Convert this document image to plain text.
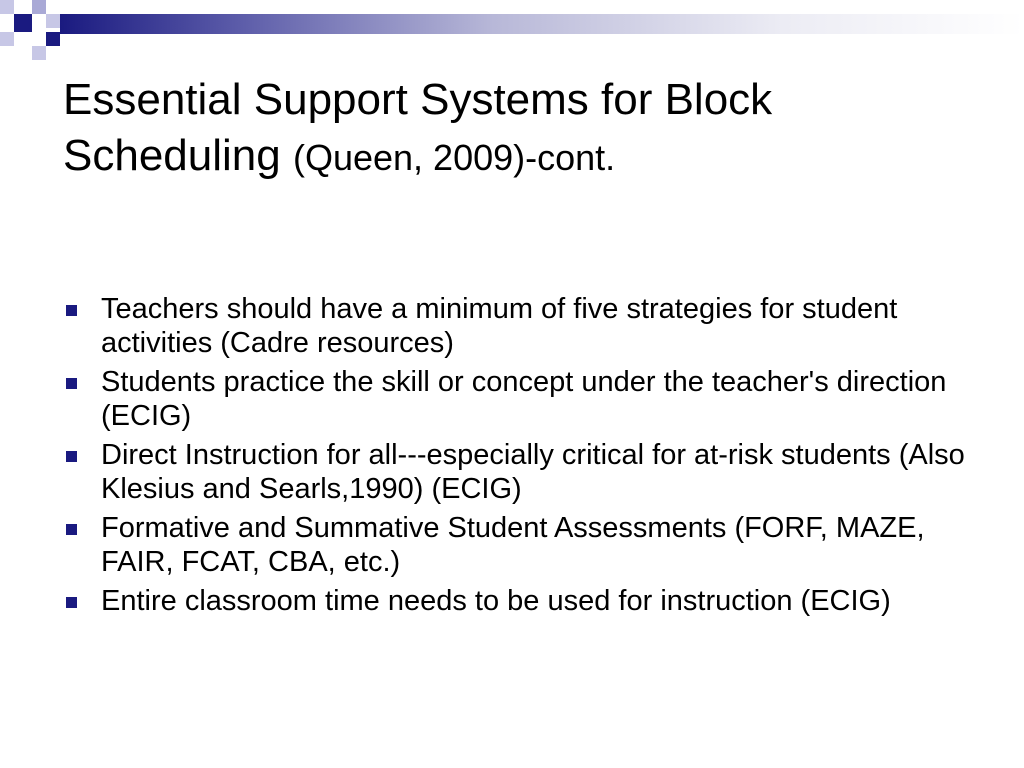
Essential Support Systems for Block Scheduling (Queen, 2009)-cont.
Teachers should have a minimum of five strategies for student activities (Cadre resources)
Students practice the skill or concept under the teacher's direction (ECIG)
Direct Instruction for all---especially critical for at-risk students (Also Klesius and Searls,1990) (ECIG)
Formative and Summative Student Assessments (FORF, MAZE, FAIR, FCAT, CBA, etc.)
Entire classroom time needs to be used for instruction (ECIG)
